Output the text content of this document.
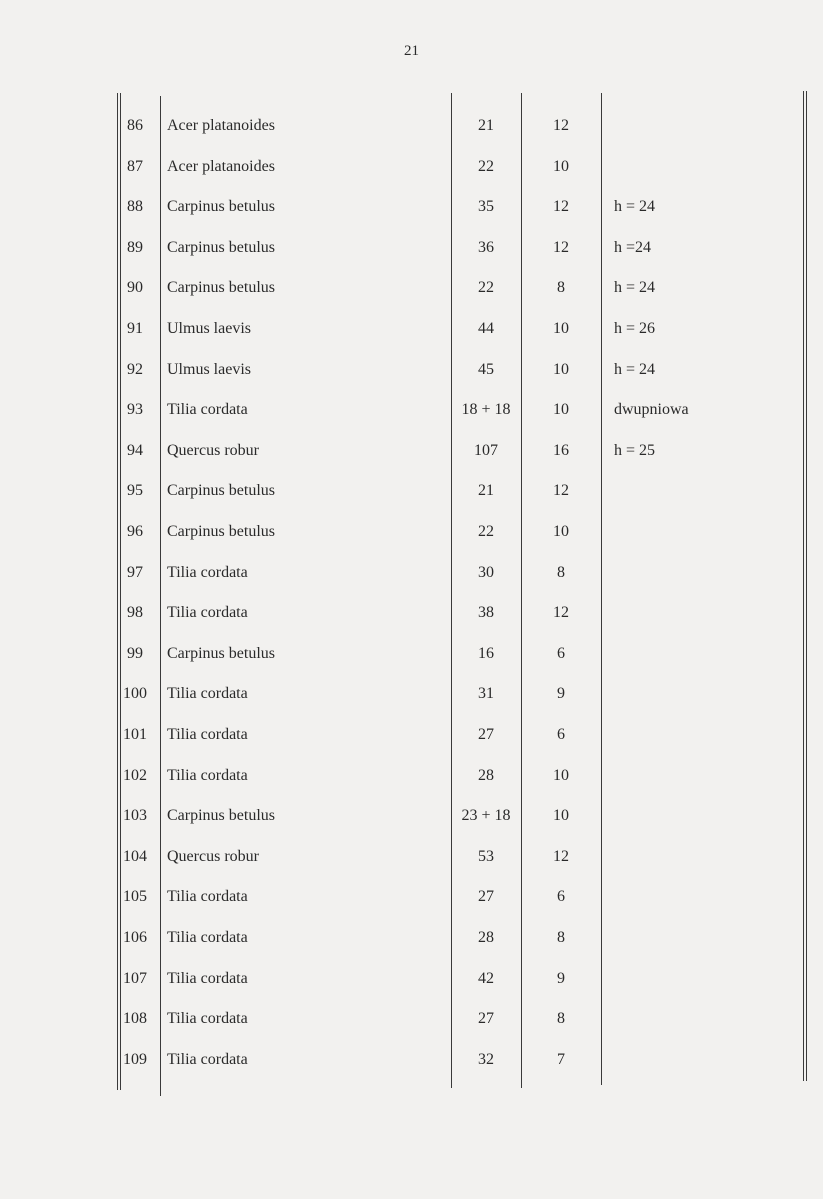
21
86	Acer platanoides	21	12
87	Acer platanoides	22	10
88	Carpinus betulus	35	12	h = 24
89	Carpinus betulus	36	12	h =24
90	Carpinus betulus	22	8	h = 24
91	Ulmus laevis	44	10	h = 26
92	Ulmus laevis	45	10	h = 24
93	Tilia cordata	18 + 18	10	dwupniowa
94	Quercus robur	107	16	h = 25
95	Carpinus betulus	21	12
96	Carpinus betulus	22	10
97	Tilia cordata	30	8
98	Tilia cordata	38	12
99	Carpinus betulus	16	6
100	Tilia cordata	31	9
101	Tilia cordata	27	6
102	Tilia cordata	28	10
103	Carpinus betulus	23 + 18	10
104	Quercus robur	53	12
105	Tilia cordata	27	6
106	Tilia cordata	28	8
107	Tilia cordata	42	9
108	Tilia cordata	27	8
109	Tilia cordata	32	7
